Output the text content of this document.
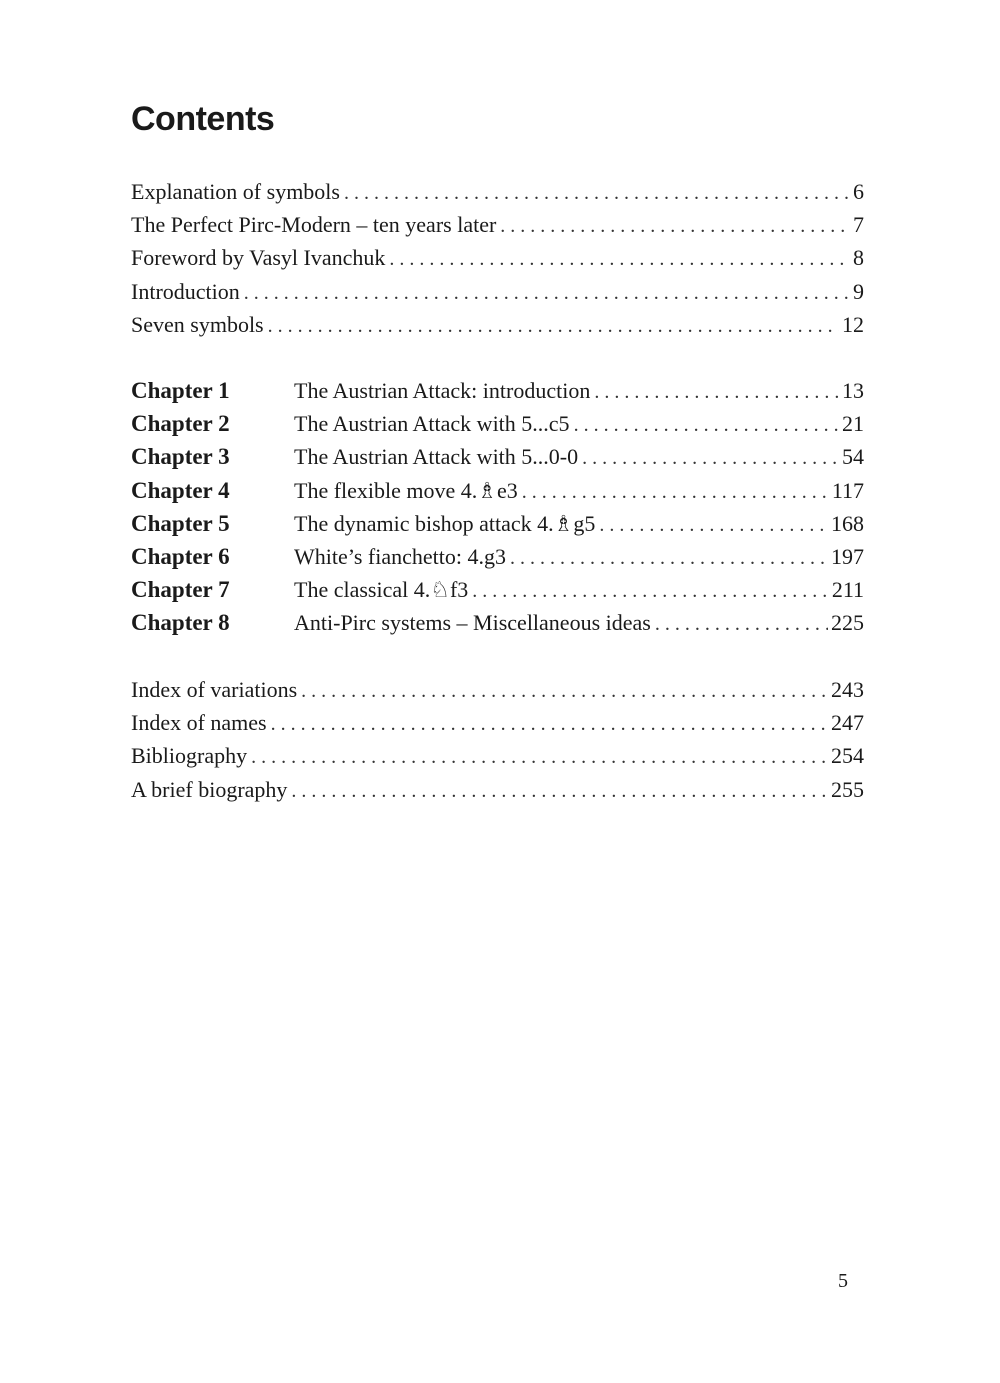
Contents
Explanation of symbols . . .	6
The Perfect Pirc-Modern – ten years later . . .	7
Foreword by Vasyl Ivanchuk . . .	8
Introduction . . .	9
Seven symbols . . .	12
Chapter 1	The Austrian Attack: introduction . . .	13
Chapter 2	The Austrian Attack with 5...c5 . . .	21
Chapter 3	The Austrian Attack with 5...0-0 . . .	54
Chapter 4	The flexible move 4.♗e3 . . .	117
Chapter 5	The dynamic bishop attack 4.♗g5 . . .	168
Chapter 6	White’s fianchetto: 4.g3 . . .	197
Chapter 7	The classical 4.♘f3 . . .	211
Chapter 8	Anti-Pirc systems – Miscellaneous ideas . . .	225
Index of variations . . .	243
Index of names . . .	247
Bibliography . . .	254
A brief biography . . .	255

5
